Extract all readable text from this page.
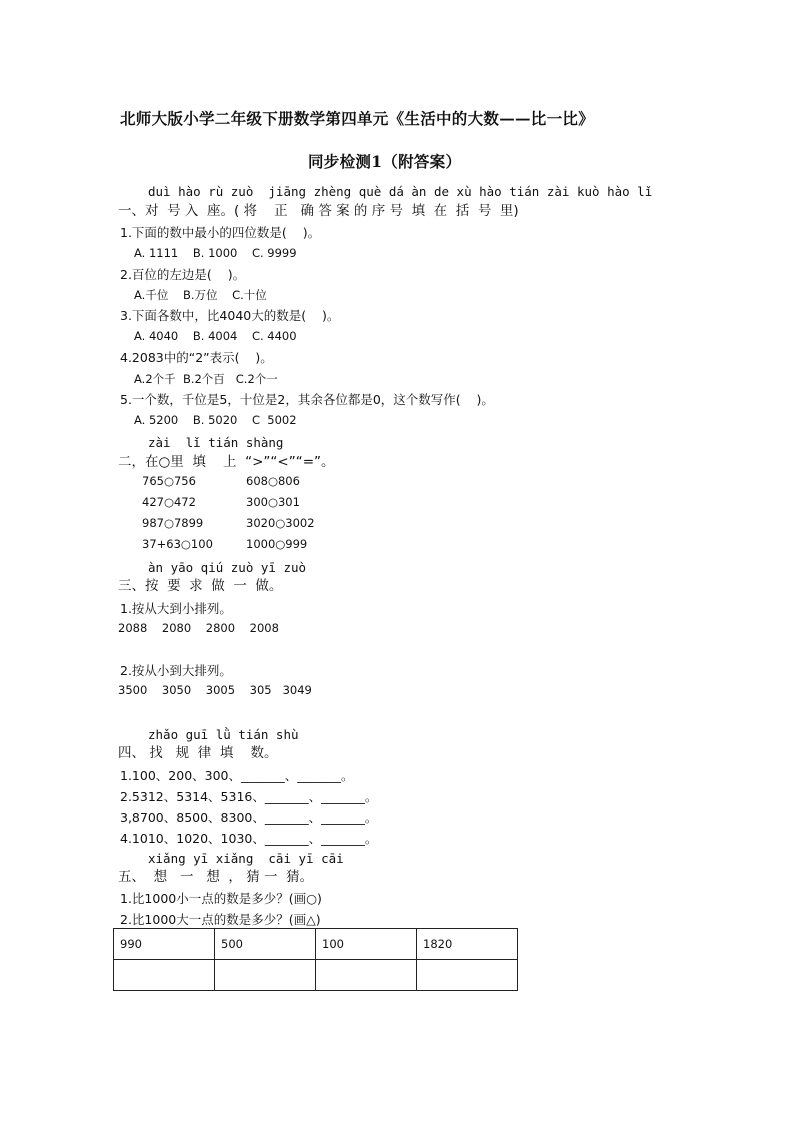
北师大版小学二年级下册数学第四单元《生活中的大数——比一比》
同步检测1（附答案）
duì hào rù zuò  jiāng zhèng què dá àn de xù hào tián zài kuò hào lǐ
一、对  号 入  座。( 将    正   确 答 案 的 序 号  填  在  括  号  里)
1.下面的数中最小的四位数是(    )。
A. 1111    B. 1000    C. 9999
2.百位的左边是(    )。
A.千位    B.万位    C.十位
3.下面各数中，比4040大的数是(    )。
A. 4040    B. 4004    C. 4400
4.2083中的“2”表示(    )。
A.2个千  B.2个百   C.2个一
5.一个数，千位是5，十位是2，其余各位都是0，这个数写作(    )。
A. 5200    B. 5020    C  5002
zài  lǐ tián shàng
二，在○里  填    上  “>”“<”“=”。
765○756	608○806
427○472	300○301
987○7899	3020○3002
37+63○100	1000○999
àn yāo qiú zuò yī zuò
三、按  要  求  做  一  做。
1.按从大到小排列。
2088    2080    2800    2008
2.按从小到大排列。
3500    3050    3005    305   3049
zhǎo guī lǜ tián shù
四、 找   规  律  填    数。
1.100、200、300、_______、_______。
2.5312、5314、5316、_______、_______。
3,8700、8500、8300、_______、_______。
4.1010、1020、1030、_______、_______。
xiǎng yī xiǎng  cāi yī cāi
五、  想   一   想  ， 猜 一  猜。
1.比1000小一点的数是多少？(画○)
2.比1000大一点的数是多少？(画△)
990	500	100	1820
